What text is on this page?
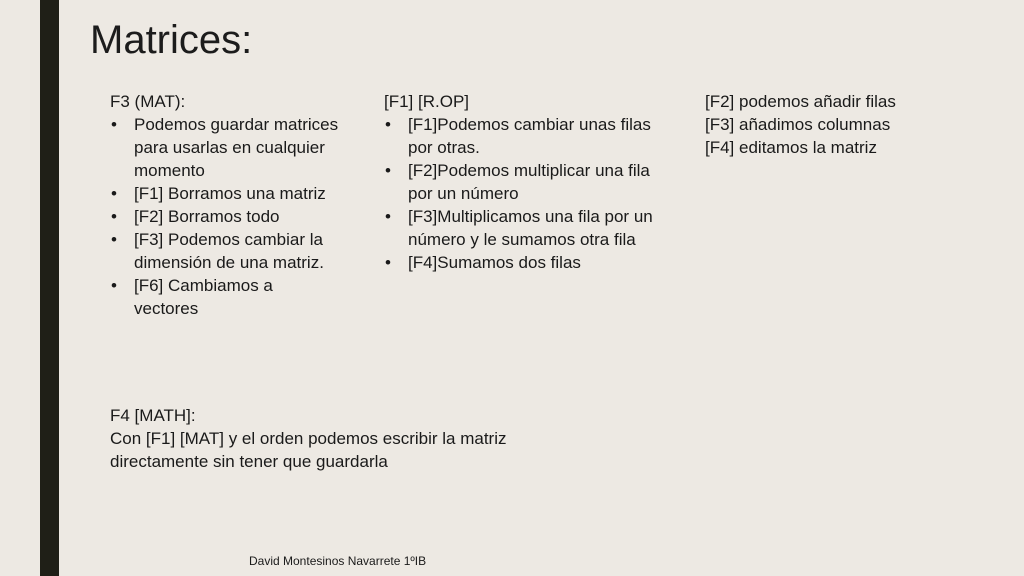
Matrices:

F3 (MAT):

• Podemos guardar matrices para usarlas en cualquier momento
• [F1] Borramos una matriz
• [F2] Borramos todo
• [F3] Podemos cambiar la dimensión de una matriz.
• [F6] Cambiamos a vectores

[F1] [R.OP]

• [F1]Podemos cambiar unas filas por otras.
• [F2]Podemos multiplicar una fila por un número
• [F3]Multiplicamos una fila por un número y le sumamos otra fila
• [F4]Sumamos dos filas

[F2] podemos añadir filas

[F3] añadimos columnas

[F4] editamos la matriz

F4 [MATH]:

Con [F1] [MAT] y el orden podemos escribir la matriz directamente sin tener que guardarla

David Montesinos Navarrete 1ºIB
